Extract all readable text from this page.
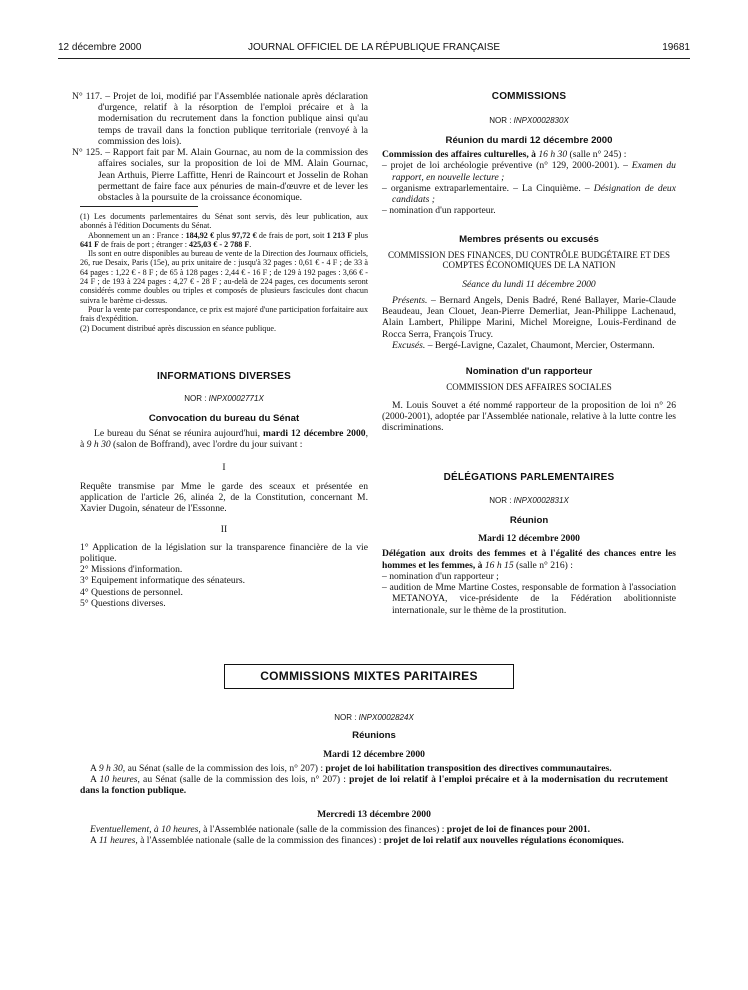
12 décembre 2000	JOURNAL OFFICIEL DE LA RÉPUBLIQUE FRANÇAISE	19681

N° 117. – Projet de loi, modifié par l'Assemblée nationale après déclaration d'urgence, relatif à la résorption de l'emploi précaire et à la modernisation du recrutement dans la fonction publique ainsi qu'au temps de travail dans la fonction publique territoriale (renvoyé à la commission des lois).

N° 125. – Rapport fait par M. Alain Gournac, au nom de la commission des affaires sociales, sur la proposition de loi de MM. Alain Gournac, Jean Arthuis, Pierre Laffitte, Henri de Raincourt et Josselin de Rohan permettant de faire face aux pénuries de main-d'œuvre et de lever les obstacles à la poursuite de la croissance économique.

(1) Les documents parlementaires du Sénat sont servis, dès leur publication, aux abonnés à l'édition Documents du Sénat.

Abonnement un an : France : 184,92 € plus 97,72 € de frais de port, soit 1 213 F plus 641 F de frais de port ; étranger : 425,03 € - 2 788 F.

Ils sont en outre disponibles au bureau de vente de la Direction des Journaux officiels, 26, rue Desaix, Paris (15e), au prix unitaire de : jusqu'à 32 pages : 0,61 € - 4 F ; de 33 à 64 pages : 1,22 € - 8 F ; de 65 à 128 pages : 2,44 € - 16 F ; de 129 à 192 pages : 3,66 € - 24 F ; de 193 à 224 pages : 4,27 € - 28 F ; au-delà de 224 pages, ces documents seront considérés comme doubles ou triples et composés de plusieurs fascicules dont chacun suivra le barème ci-dessus.

Pour la vente par correspondance, ce prix est majoré d'une participation forfaitaire aux frais d'expédition.

(2) Document distribué après discussion en séance publique.

INFORMATIONS DIVERSES

NOR : INPX0002771X

Convocation du bureau du Sénat

Le bureau du Sénat se réunira aujourd'hui, mardi 12 décembre 2000, à 9 h 30 (salon de Boffrand), avec l'ordre du jour suivant :

I

Requête transmise par Mme le garde des sceaux et présentée en application de l'article 26, alinéa 2, de la Constitution, concernant M. Xavier Dugoin, sénateur de l'Essonne.

II

1° Application de la législation sur la transparence financière de la vie politique.

2° Missions d'information.

3° Equipement informatique des sénateurs.

4° Questions de personnel.

5° Questions diverses.

COMMISSIONS

NOR : INPX0002830X

Réunion du mardi 12 décembre 2000

Commission des affaires culturelles, à 16 h 30 (salle n° 245) :

– projet de loi archéologie préventive (n° 129, 2000-2001). – Examen du rapport, en nouvelle lecture ;

– organisme extraparlementaire. – La Cinquième. – Désignation de deux candidats ;

– nomination d'un rapporteur.

Membres présents ou excusés

COMMISSION DES FINANCES, DU CONTRÔLE BUDGÉTAIRE ET DES COMPTES ÉCONOMIQUES DE LA NATION

Séance du lundi 11 décembre 2000

Présents. – Bernard Angels, Denis Badré, René Ballayer, Marie-Claude Beaudeau, Jean Clouet, Jean-Pierre Demerliat, Jean-Philippe Lachenaud, Alain Lambert, Philippe Marini, Michel Moreigne, Louis-Ferdinand de Rocca Serra, François Trucy.

Excusés. – Bergé-Lavigne, Cazalet, Chaumont, Mercier, Ostermann.

Nomination d'un rapporteur

COMMISSION DES AFFAIRES SOCIALES

M. Louis Souvet a été nommé rapporteur de la proposition de loi n° 26 (2000-2001), adoptée par l'Assemblée nationale, relative à la lutte contre les discriminations.

DÉLÉGATIONS PARLEMENTAIRES

NOR : INPX0002831X

Réunion

Mardi 12 décembre 2000

Délégation aux droits des femmes et à l'égalité des chances entre les hommes et les femmes, à 16 h 15 (salle n° 216) :

– nomination d'un rapporteur ;

– audition de Mme Martine Costes, responsable de formation à l'association METANOYA, vice-présidente de la Fédération abolitionniste internationale, sur le thème de la prostitution.

COMMISSIONS MIXTES PARITAIRES

NOR : INPX0002824X

Réunions

Mardi 12 décembre 2000

A 9 h 30, au Sénat (salle de la commission des lois, n° 207) : projet de loi habilitation transposition des directives communautaires.

A 10 heures, au Sénat (salle de la commission des lois, n° 207) : projet de loi relatif à l'emploi précaire et à la modernisation du recrutement dans la fonction publique.

Mercredi 13 décembre 2000

Eventuellement, à 10 heures, à l'Assemblée nationale (salle de la commission des finances) : projet de loi de finances pour 2001.

A 11 heures, à l'Assemblée nationale (salle de la commission des finances) : projet de loi relatif aux nouvelles régulations économiques.
